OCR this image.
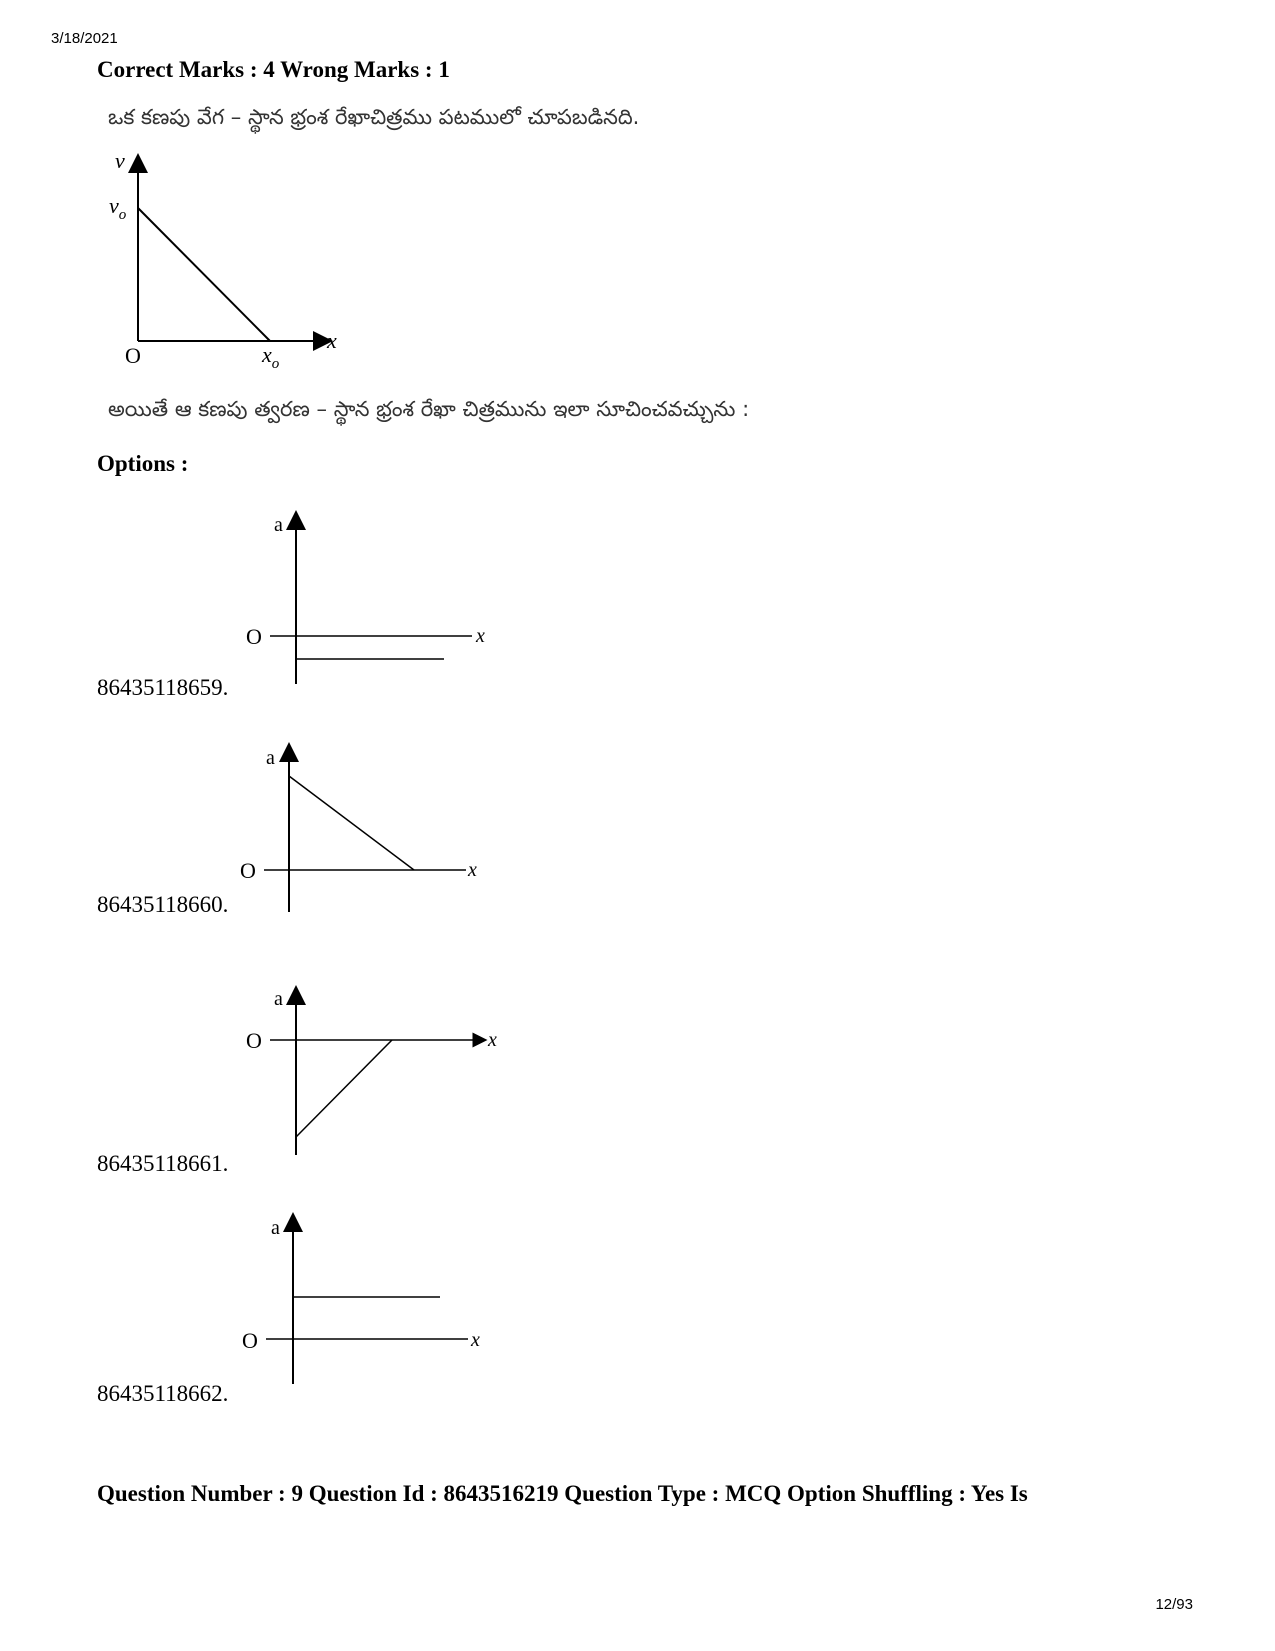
3/18/2021
Correct Marks : 4 Wrong Marks : 1
ఒక కణపు వేగ – స్థాన భ్రంశ రేఖాచిత్రము పటములో చూపబడినది.
v
$v_o$
O	$x_o$
x
అయితే ఆ కణపు త్వరణ – స్థాన భ్రంశ రేఖా చిత్రమును ఇలా సూచించవచ్చును :
Options :
a
O	x
86435118659.
a
O	x
86435118660.
a
O	x
86435118661.
a
O	x
86435118662.
Question Number : 9 Question Id : 8643516219 Question Type : MCQ Option Shuffling : Yes Is
12/93
